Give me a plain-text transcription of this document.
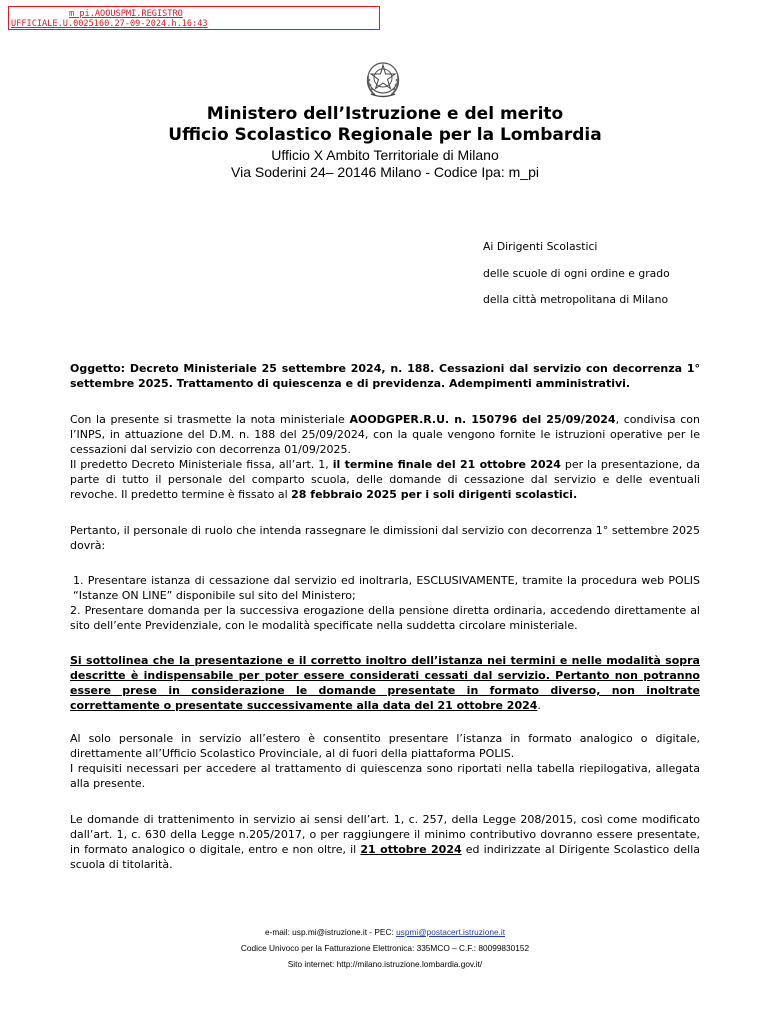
m_pi.AOOUSPMI.REGISTRO
UFFICIALE.U.0025160.27-09-2024.h.16:43
Ministero dell’Istruzione e del merito
Ufficio Scolastico Regionale per la Lombardia
Ufficio X Ambito Territoriale di Milano
Via Soderini 24– 20146 Milano - Codice Ipa: m_pi
Ai Dirigenti Scolastici
delle scuole di ogni ordine e grado
della città metropolitana di Milano
Oggetto: Decreto Ministeriale 25 settembre 2024, n. 188. Cessazioni dal servizio con decorrenza 1° settembre 2025. Trattamento di quiescenza e di previdenza. Adempimenti amministrativi.
Con la presente si trasmette la nota ministeriale AOODGPER.R.U. n. 150796 del 25/09/2024, condivisa con l’INPS, in attuazione del D.M. n. 188 del 25/09/2024, con la quale vengono fornite le istruzioni operative per le cessazioni dal servizio con decorrenza 01/09/2025.
Il predetto Decreto Ministeriale fissa, all’art. 1, il termine finale del 21 ottobre 2024 per la presentazione, da parte di tutto il personale del comparto scuola, delle domande di cessazione dal servizio e delle eventuali revoche. Il predetto termine è fissato al 28 febbraio 2025 per i soli dirigenti scolastici.
Pertanto, il personale di ruolo che intenda rassegnare le dimissioni dal servizio con decorrenza 1° settembre 2025 dovrà:
1. Presentare istanza di cessazione dal servizio ed inoltrarla, ESCLUSIVAMENTE, tramite la procedura web POLIS “Istanze ON LINE” disponibile sul sito del Ministero;
2. Presentare domanda per la successiva erogazione della pensione diretta ordinaria, accedendo direttamente al sito dell’ente Previdenziale, con le modalità specificate nella suddetta circolare ministeriale.
Si sottolinea che la presentazione e il corretto inoltro dell’istanza nei termini e nelle modalità sopra descritte è indispensabile per poter essere considerati cessati dal servizio. Pertanto non potranno essere prese in considerazione le domande presentate in formato diverso, non inoltrate correttamente o presentate successivamente alla data del 21 ottobre 2024.
Al solo personale in servizio all’estero è consentito presentare l’istanza in formato analogico o digitale, direttamente all’Ufficio Scolastico Provinciale, al di fuori della piattaforma POLIS.
I requisiti necessari per accedere al trattamento di quiescenza sono riportati nella tabella riepilogativa, allegata alla presente.
Le domande di trattenimento in servizio ai sensi dell’art. 1, c. 257, della Legge 208/2015, così come modificato dall’art. 1, c. 630 della Legge n.205/2017, o per raggiungere il minimo contributivo dovranno essere presentate, in formato analogico o digitale, entro e non oltre, il 21 ottobre 2024 ed indirizzate al Dirigente Scolastico della scuola di titolarità.
e-mail: usp.mi@istruzione.it - PEC: uspmi@postacert.istruzione.it
Codice Univoco per la Fatturazione Elettronica: 335MCO – C.F.: 80099830152
Sito internet: http://milano.istruzione.lombardia.gov.it/
